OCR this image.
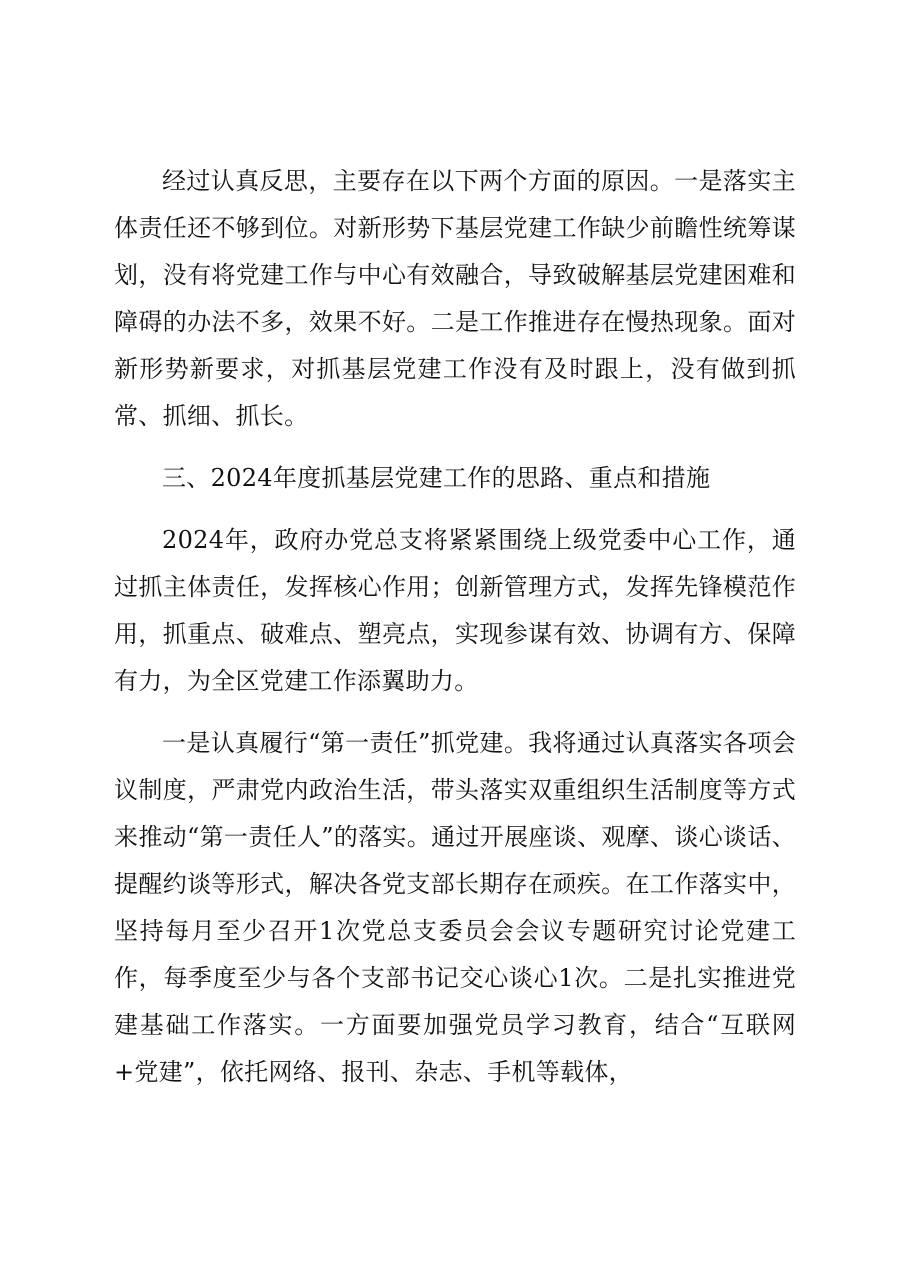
经过认真反思，主要存在以下两个方面的原因。一是落实主体责任还不够到位。对新形势下基层党建工作缺少前瞻性统筹谋划，没有将党建工作与中心有效融合，导致破解基层党建困难和障碍的办法不多，效果不好。二是工作推进存在慢热现象。面对新形势新要求，对抓基层党建工作没有及时跟上，没有做到抓常、抓细、抓长。

三、2024年度抓基层党建工作的思路、重点和措施

2024年，政府办党总支将紧紧围绕上级党委中心工作，通过抓主体责任，发挥核心作用；创新管理方式，发挥先锋模范作用，抓重点、破难点、塑亮点，实现参谋有效、协调有方、保障有力，为全区党建工作添翼助力。

一是认真履行“第一责任”抓党建。我将通过认真落实各项会议制度，严肃党内政治生活，带头落实双重组织生活制度等方式来推动“第一责任人”的落实。通过开展座谈、观摩、谈心谈话、提醒约谈等形式，解决各党支部长期存在顽疾。在工作落实中，坚持每月至少召开1次党总支委员会会议专题研究讨论党建工作，每季度至少与各个支部书记交心谈心1次。二是扎实推进党建基础工作落实。一方面要加强党员学习教育，结合“互联网+党建”，依托网络、报刊、杂志、手机等载体，
